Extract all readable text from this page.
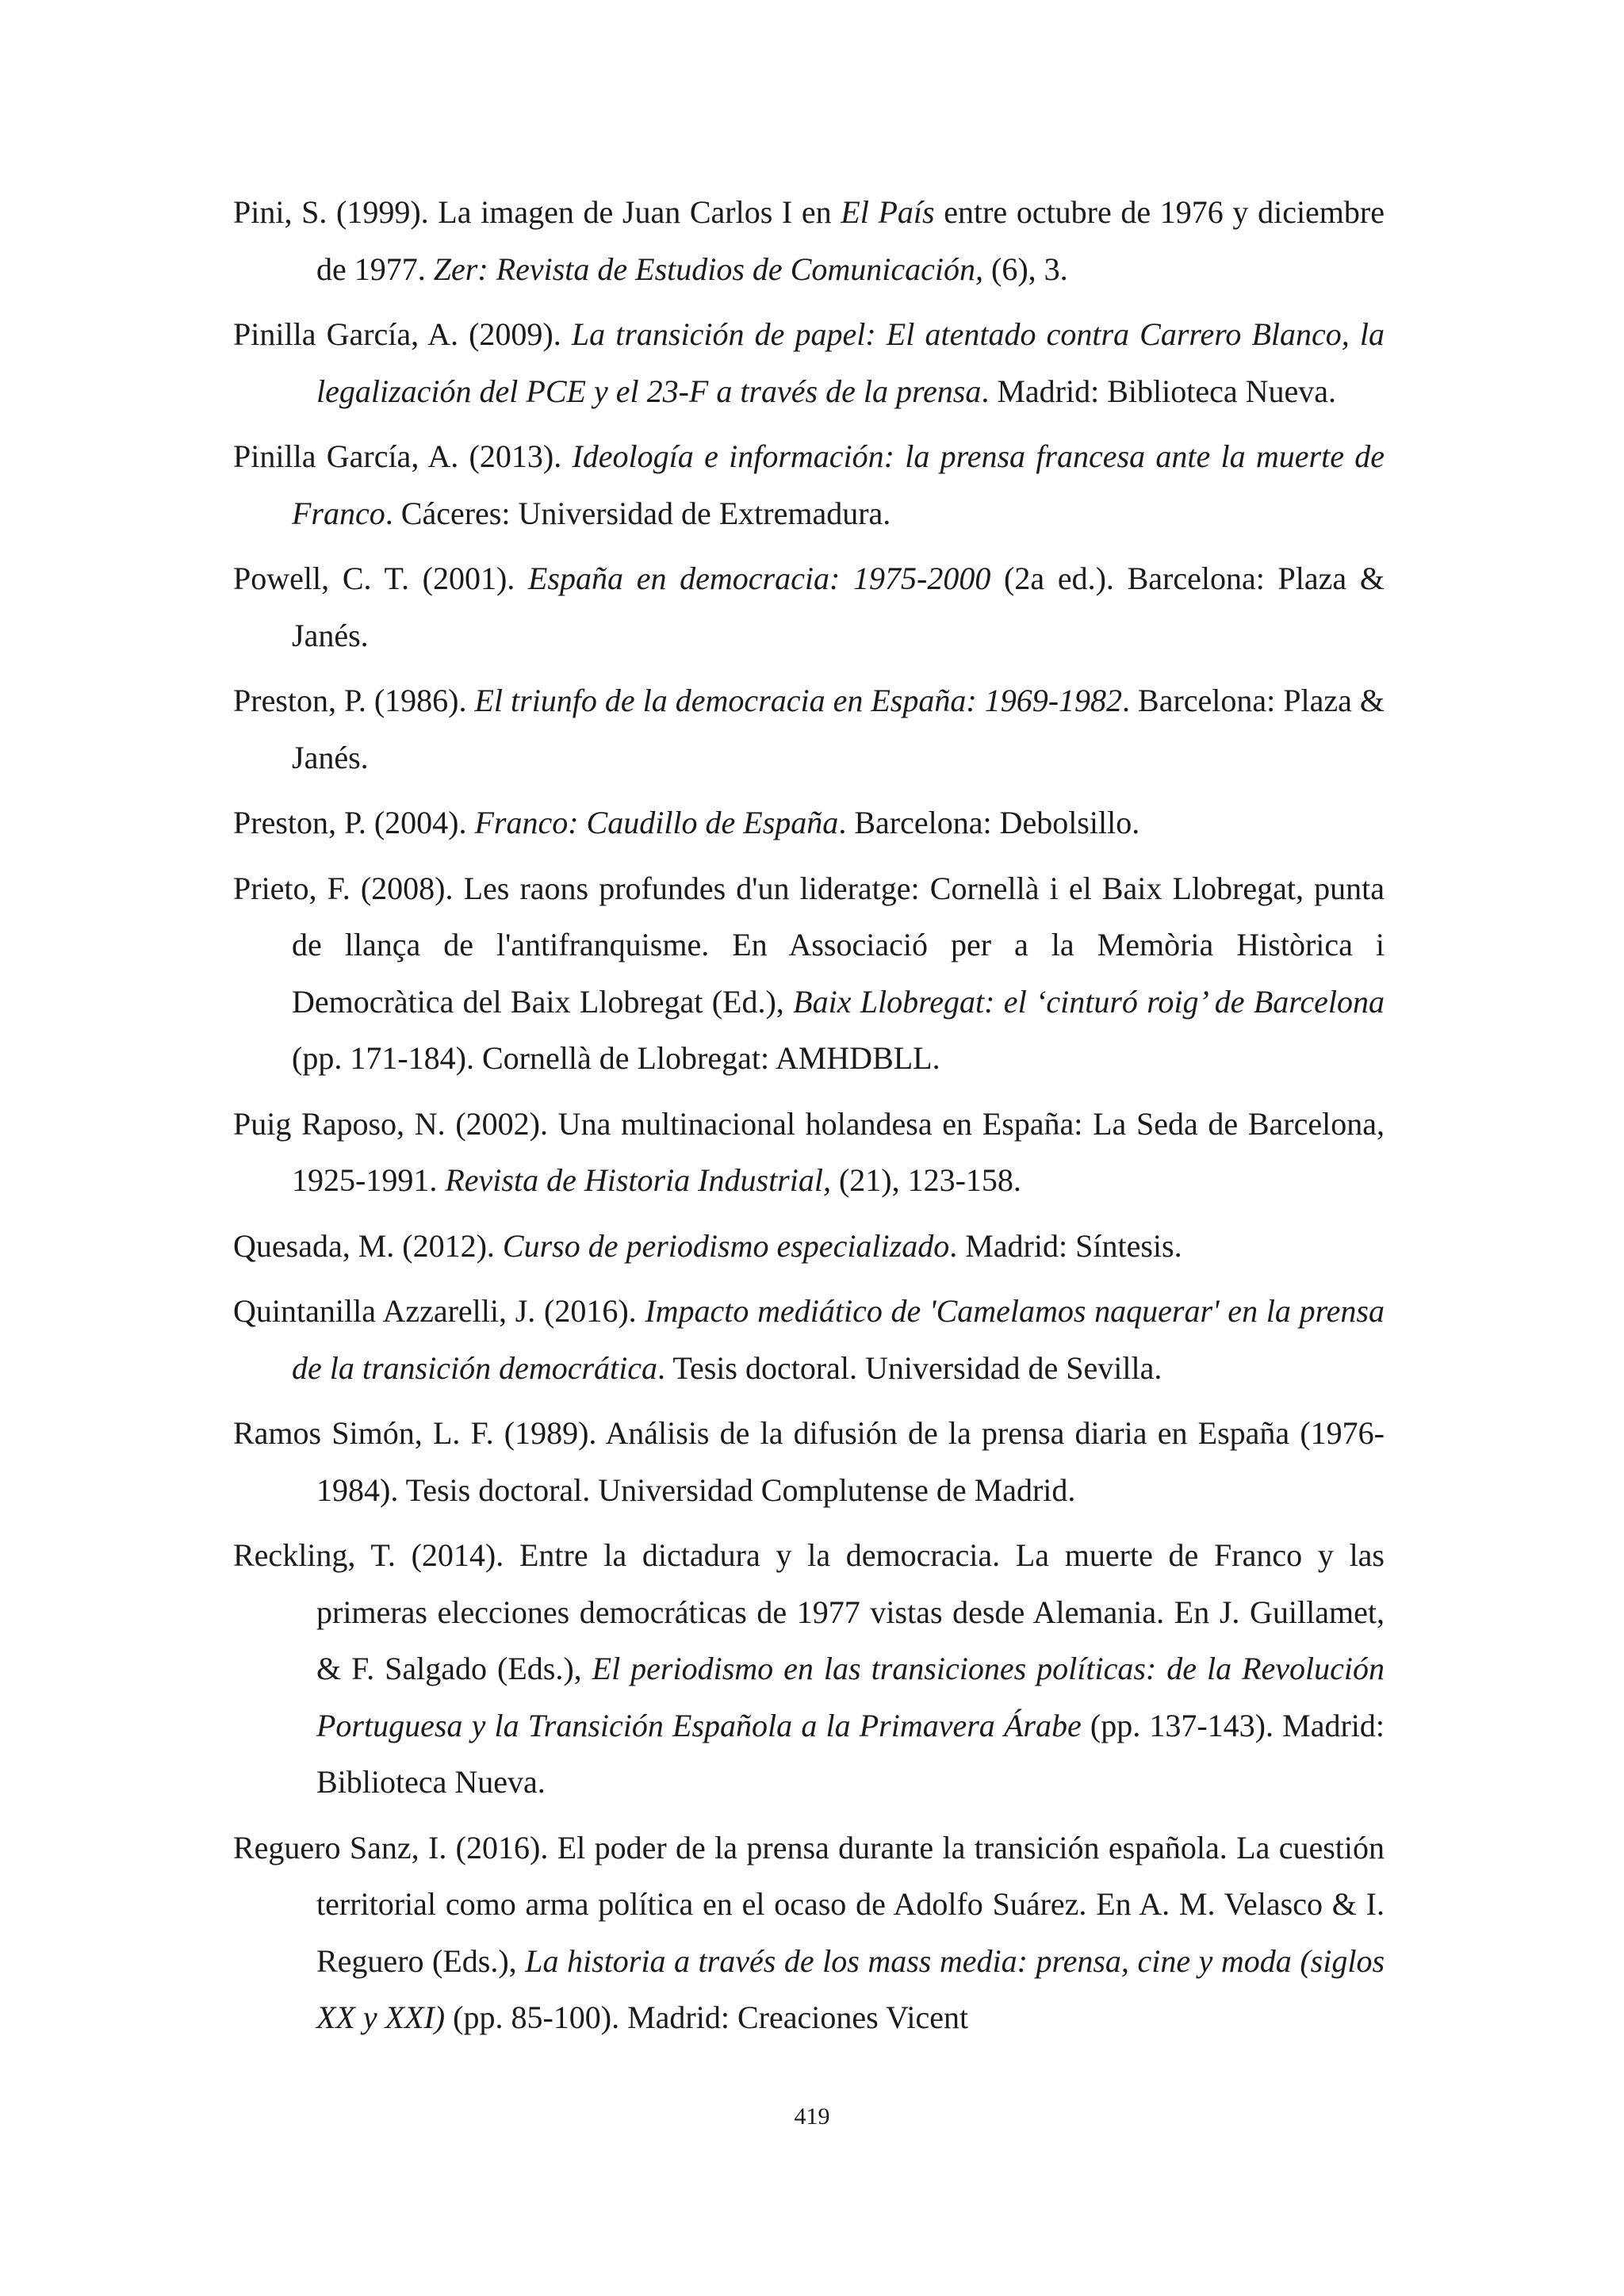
Pini, S. (1999). La imagen de Juan Carlos I en El País entre octubre de 1976 y diciembre de 1977. Zer: Revista de Estudios de Comunicación, (6), 3.

Pinilla García, A. (2009). La transición de papel: El atentado contra Carrero Blanco, la legalización del PCE y el 23-F a través de la prensa. Madrid: Biblioteca Nueva.

Pinilla García, A. (2013). Ideología e información: la prensa francesa ante la muerte de Franco. Cáceres: Universidad de Extremadura.

Powell, C. T. (2001). España en democracia: 1975-2000 (2a ed.). Barcelona: Plaza & Janés.

Preston, P. (1986). El triunfo de la democracia en España: 1969-1982. Barcelona: Plaza & Janés.

Preston, P. (2004). Franco: Caudillo de España. Barcelona: Debolsillo.

Prieto, F. (2008). Les raons profundes d'un lideratge: Cornellà i el Baix Llobregat, punta de llança de l'antifranquisme. En Associació per a la Memòria Històrica i Democràtica del Baix Llobregat (Ed.), Baix Llobregat: el ‘cinturó roig’ de Barcelona (pp. 171-184). Cornellà de Llobregat: AMHDBLL.

Puig Raposo, N. (2002). Una multinacional holandesa en España: La Seda de Barcelona, 1925-1991. Revista de Historia Industrial, (21), 123-158.

Quesada, M. (2012). Curso de periodismo especializado. Madrid: Síntesis.

Quintanilla Azzarelli, J. (2016). Impacto mediático de 'Camelamos naquerar' en la prensa de la transición democrática. Tesis doctoral. Universidad de Sevilla.

Ramos Simón, L. F. (1989). Análisis de la difusión de la prensa diaria en España (1976-1984). Tesis doctoral. Universidad Complutense de Madrid.

Reckling, T. (2014). Entre la dictadura y la democracia. La muerte de Franco y las primeras elecciones democráticas de 1977 vistas desde Alemania. En J. Guillamet, & F. Salgado (Eds.), El periodismo en las transiciones políticas: de la Revolución Portuguesa y la Transición Española a la Primavera Árabe (pp. 137-143). Madrid: Biblioteca Nueva.

Reguero Sanz, I. (2016). El poder de la prensa durante la transición española. La cuestión territorial como arma política en el ocaso de Adolfo Suárez. En A. M. Velasco & I. Reguero (Eds.), La historia a través de los mass media: prensa, cine y moda (siglos XX y XXI) (pp. 85-100). Madrid: Creaciones Vicent

419
